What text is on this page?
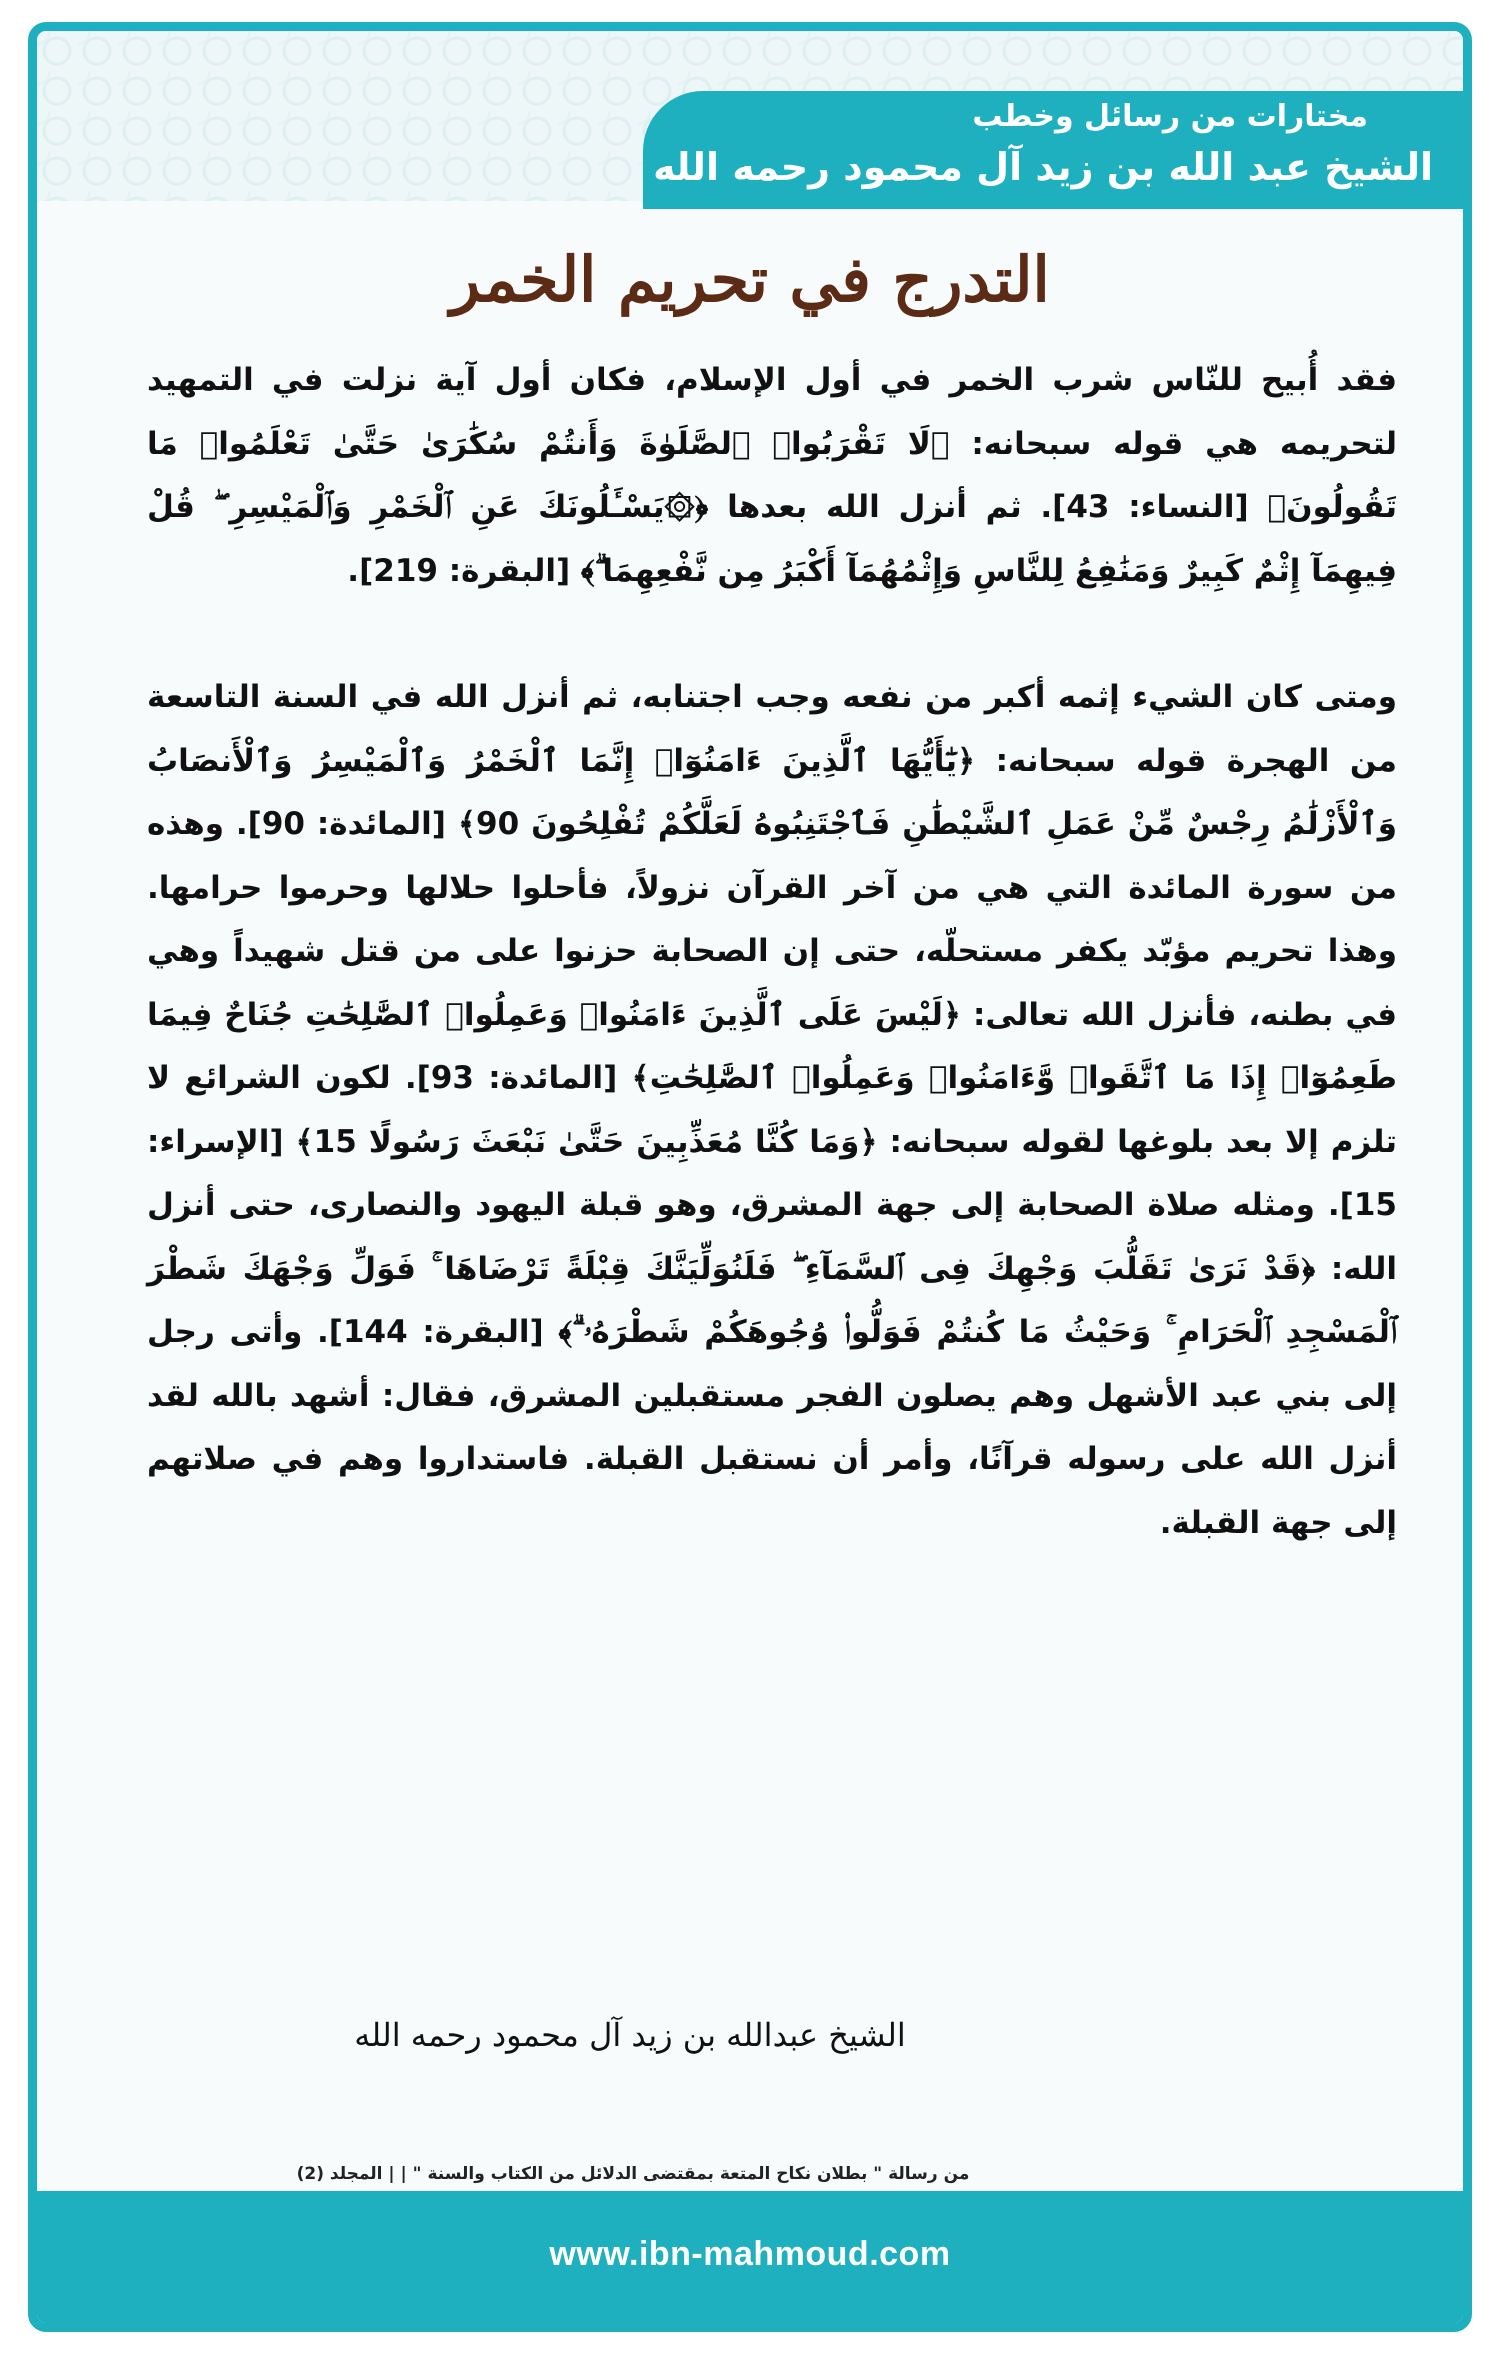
مختارات من رسائل وخطب
الشيخ عبد الله بن زيد آل محمود رحمه الله
التدرج في تحريم الخمر

فقد أُبيح للنّاس شرب الخمر في أول الإسلام، فكان أول آية نزلت في التمهيد لتحريمه هي قوله سبحانه: ﴿لَا تَقْرَبُوا۟ ٱلصَّلَوٰةَ وَأَنتُمْ سُكَٰرَىٰ حَتَّىٰ تَعْلَمُوا۟ مَا تَقُولُونَ﴾ [النساء: 43]. ثم أنزل الله بعدها ﴿۞يَسْـَٔلُونَكَ عَنِ ٱلْخَمْرِ وَٱلْمَيْسِرِ ۖ قُلْ فِيهِمَآ إِثْمٌ كَبِيرٌ وَمَنَٰفِعُ لِلنَّاسِ وَإِثْمُهُمَآ أَكْبَرُ مِن نَّفْعِهِمَا ۗ﴾ [البقرة: 219].

ومتى كان الشيء إثمه أكبر من نفعه وجب اجتنابه، ثم أنزل الله في السنة التاسعة من الهجرة قوله سبحانه: ﴿يَٰٓأَيُّهَا ٱلَّذِينَ ءَامَنُوٓا۟ إِنَّمَا ٱلْخَمْرُ وَٱلْمَيْسِرُ وَٱلْأَنصَابُ وَٱلْأَزْلَٰمُ رِجْسٌ مِّنْ عَمَلِ ٱلشَّيْطَٰنِ فَٱجْتَنِبُوهُ لَعَلَّكُمْ تُفْلِحُونَ 90﴾ [المائدة: 90]. وهذه من سورة المائدة التي هي من آخر القرآن نزولاً، فأحلوا حلالها وحرموا حرامها. وهذا تحريم مؤبّد يكفر مستحلّه، حتى إن الصحابة حزنوا على من قتل شهيداً وهي في بطنه، فأنزل الله تعالى: ﴿لَيْسَ عَلَى ٱلَّذِينَ ءَامَنُوا۟ وَعَمِلُوا۟ ٱلصَّٰلِحَٰتِ جُنَاحٌ فِيمَا طَعِمُوٓا۟ إِذَا مَا ٱتَّقَوا۟ وَّءَامَنُوا۟ وَعَمِلُوا۟ ٱلصَّٰلِحَٰتِ﴾ [المائدة: 93]. لكون الشرائع لا تلزم إلا بعد بلوغها لقوله سبحانه: ﴿وَمَا كُنَّا مُعَذِّبِينَ حَتَّىٰ نَبْعَثَ رَسُولًا 15﴾ [الإسراء: 15]. ومثله صلاة الصحابة إلى جهة المشرق، وهو قبلة اليهود والنصارى، حتى أنزل الله: ﴿قَدْ نَرَىٰ تَقَلُّبَ وَجْهِكَ فِى ٱلسَّمَآءِ ۖ فَلَنُوَلِّيَنَّكَ قِبْلَةً تَرْضَاهَا ۚ فَوَلِّ وَجْهَكَ شَطْرَ ٱلْمَسْجِدِ ٱلْحَرَامِ ۚ وَحَيْثُ مَا كُنتُمْ فَوَلُّوا۟ وُجُوهَكُمْ شَطْرَهُۥ ۗ﴾ [البقرة: 144]. وأتى رجل إلى بني عبد الأشهل وهم يصلون الفجر مستقبلين المشرق، فقال: أشهد بالله لقد أنزل الله على رسوله قرآنًا، وأمر أن نستقبل القبلة. فاستداروا وهم في صلاتهم إلى جهة القبلة.

الشيخ عبدالله بن زيد آل محمود رحمه الله
من رسالة " بطلان نكاح المتعة بمقتضى الدلائل من الكتاب والسنة " | | المجلد (2)
www.ibn-mahmoud.com
